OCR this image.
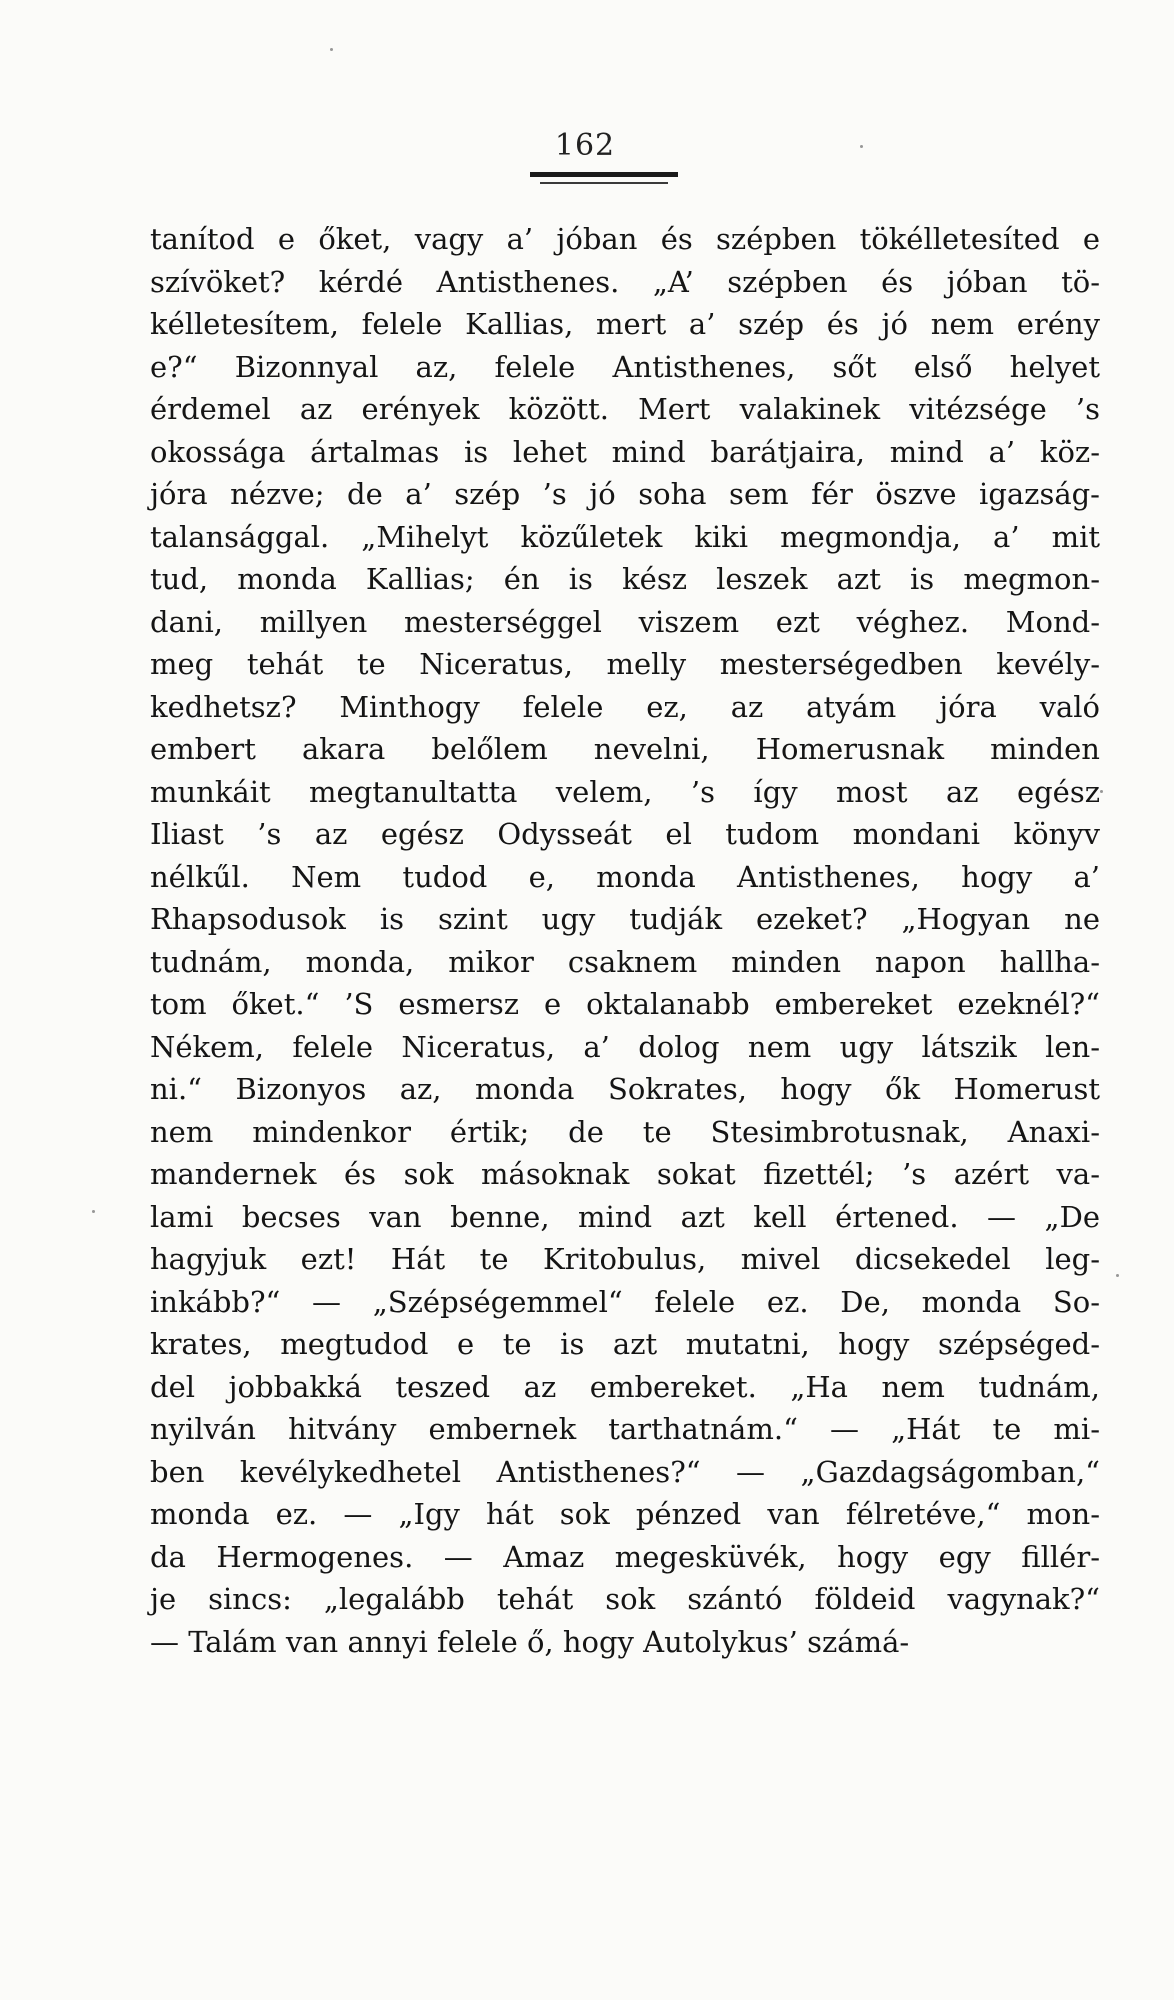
162
tanítod e őket, vagy a’ jóban és szépben tökélletesíted e
szívöket? kérdé Antisthenes. „A’ szépben és jóban tö-
kélletesítem, felele Kallias, mert a’ szép és jó nem erény
e?“ Bizonnyal az, felele Antisthenes, sőt első helyet
érdemel az erények között. Mert valakinek vitézsége ’s
okossága ártalmas is lehet mind barátjaira, mind a’ köz-
jóra nézve; de a’ szép ’s jó soha sem fér öszve igazság-
talansággal. „Mihelyt közűletek kiki megmondja, a’ mit
tud, monda Kallias; én is kész leszek azt is megmon-
dani, millyen mesterséggel viszem ezt véghez. Mond-
meg tehát te Niceratus, melly mesterségedben kevély-
kedhetsz? Minthogy felele ez, az atyám jóra való
embert akara belőlem nevelni, Homerusnak minden
munkáit megtanultatta velem, ’s így most az egész
Iliast ’s az egész Odysseát el tudom mondani könyv
nélkűl. Nem tudod e, monda Antisthenes, hogy a’
Rhapsodusok is szint ugy tudják ezeket? „Hogyan ne
tudnám, monda, mikor csaknem minden napon hallha-
tom őket.“ ’S esmersz e oktalanabb embereket ezeknél?“
Nékem, felele Niceratus, a’ dolog nem ugy látszik len-
ni.“ Bizonyos az, monda Sokrates, hogy ők Homerust
nem mindenkor értik; de te Stesimbrotusnak, Anaxi-
mandernek és sok másoknak sokat fizettél; ’s azért va-
lami becses van benne, mind azt kell értened. — „De
hagyjuk ezt! Hát te Kritobulus, mivel dicsekedel leg-
inkább?“ — „Szépségemmel“ felele ez. De, monda So-
krates, megtudod e te is azt mutatni, hogy szépséged-
del jobbakká teszed az embereket. „Ha nem tudnám,
nyilván hitvány embernek tarthatnám.“ — „Hát te mi-
ben kevélykedhetel Antisthenes?“ — „Gazdagságomban,“
monda ez. — „Igy hát sok pénzed van félretéve,“ mon-
da Hermogenes. — Amaz megesküvék, hogy egy fillér-
je sincs: „legalább tehát sok szántó földeid vagynak?“
— Talám van annyi felele ő, hogy Autolykus’ számá-
